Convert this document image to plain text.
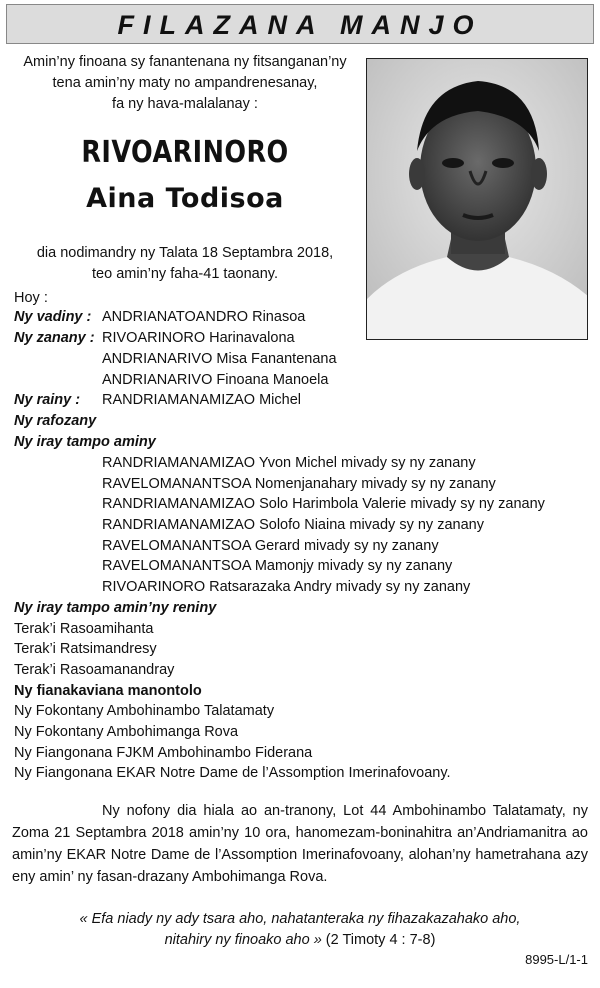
FILAZANA MANJO
Amin’ny finoana sy fanantenana ny fitsanganan’ny
tena amin’ny maty no ampandrenesanay,
fa ny hava-malalanay :
RIVOARINORO
Aina Todisoa
dia nodimandry ny Talata 18 Septambra 2018,
teo amin’ny faha-41 taonany.
Hoy :
Ny vadiny : ANDRIANATOANDRO Rinasoa
Ny zanany : RIVOARINORO Harinavalona
ANDRIANARIVO Misa Fanantenana
ANDRIANARIVO Finoana Manoela
Ny rainy : RANDRIAMANAMIZAO Michel
Ny rafozany
Ny iray tampo aminy
RANDRIAMANAMIZAO Yvon Michel mivady sy ny zanany
RAVELOMANANTSOA Nomenjanahary mivady sy ny zanany
RANDRIAMANAMIZAO Solo Harimbola Valerie mivady sy ny zanany
RANDRIAMANAMIZAO Solofo Niaina mivady sy ny zanany
RAVELOMANANTSOA Gerard mivady sy ny zanany
RAVELOMANANTSOA Mamonjy mivady sy ny zanany
RIVOARINORO Ratsarazaka Andry mivady sy ny zanany
Ny iray tampo amin’ny reniny
Terak’i Rasoamihanta
Terak’i Ratsimandresy
Terak’i Rasoamanandray
Ny fianakaviana manontolo
Ny Fokontany Ambohinambo Talatamaty
Ny Fokontany Ambohimanga Rova
Ny Fiangonana FJKM Ambohinambo Fiderana
Ny Fiangonana EKAR Notre Dame de l’Assomption Imerinafovoany.

Ny nofony dia hiala ao an-tranony, Lot 44 Ambohinambo Talatamaty, ny Zoma 21 Septambra 2018 amin’ny 10 ora, hanomezam-boninahitra an’Andriamanitra ao amin’ny EKAR Notre Dame de l’Assomption Imerinafovoany, alohan’ny hametrahana azy eny amin’ ny fasan-drazany Ambohimanga Rova.

« Efa niady ny ady tsara aho, nahatanteraka ny fihazakazahako aho,
nitahiry ny finoako aho » (2 Timoty 4 : 7-8)
8995-L/1-1
